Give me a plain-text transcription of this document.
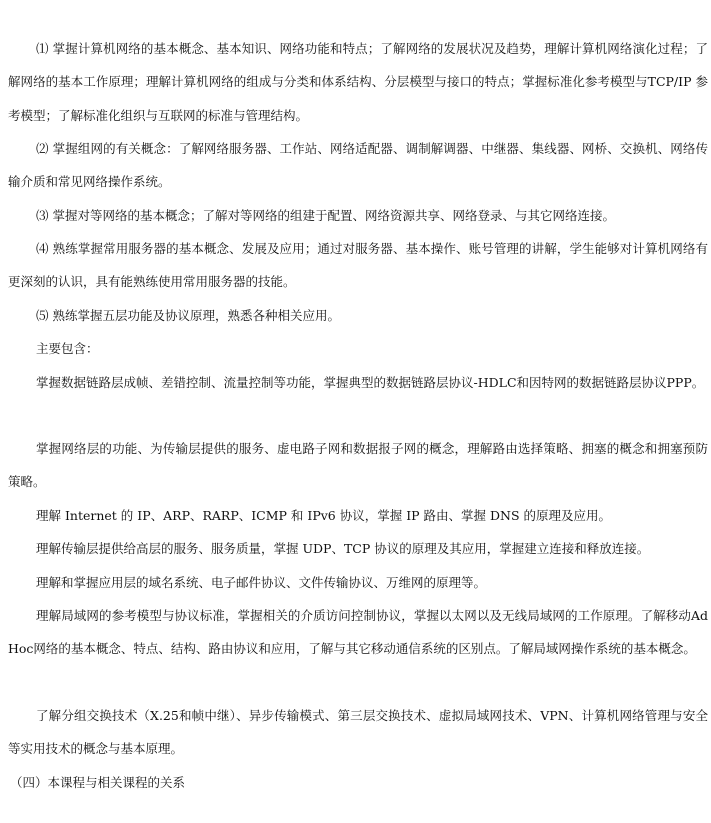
⑴ 掌握计算机网络的基本概念、基本知识、网络功能和特点；了解网络的发展状况及趋势，理解计算机网络演化过程；了解网络的基本工作原理；理解计算机网络的组成与分类和体系结构、分层模型与接口的特点；掌握标准化参考模型与TCP/IP 参考模型；了解标准化组织与互联网的标准与管理结构。

⑵ 掌握组网的有关概念：了解网络服务器、工作站、网络适配器、调制解调器、中继器、集线器、网桥、交换机、网络传输介质和常见网络操作系统。

⑶ 掌握对等网络的基本概念；了解对等网络的组建于配置、网络资源共享、网络登录、与其它网络连接。

⑷ 熟练掌握常用服务器的基本概念、发展及应用；通过对服务器、基本操作、账号管理的讲解，学生能够对计算机网络有更深刻的认识，具有能熟练使用常用服务器的技能。

⑸ 熟练掌握五层功能及协议原理，熟悉各种相关应用。

主要包含：

掌握数据链路层成帧、差错控制、流量控制等功能，掌握典型的数据链路层协议-HDLC和因特网的数据链路层协议PPP。

掌握网络层的功能、为传输层提供的服务、虚电路子网和数据报子网的概念，理解路由选择策略、拥塞的概念和拥塞预防策略。

理解 Internet 的 IP、ARP、RARP、ICMP 和 IPv6 协议，掌握 IP 路由、掌握 DNS 的原理及应用。

理解传输层提供给高层的服务、服务质量，掌握 UDP、TCP 协议的原理及其应用，掌握建立连接和释放连接。

理解和掌握应用层的域名系统、电子邮件协议、文件传输协议、万维网的原理等。

理解局域网的参考模型与协议标准，掌握相关的介质访问控制协议，掌握以太网以及无线局域网的工作原理。了解移动Ad Hoc网络的基本概念、特点、结构、路由协议和应用，了解与其它移动通信系统的区别点。了解局域网操作系统的基本概念。

了解分组交换技术（X.25和帧中继）、异步传输模式、第三层交换技术、虚拟局域网技术、VPN、计算机网络管理与安全等实用技术的概念与基本原理。

（四）本课程与相关课程的关系
